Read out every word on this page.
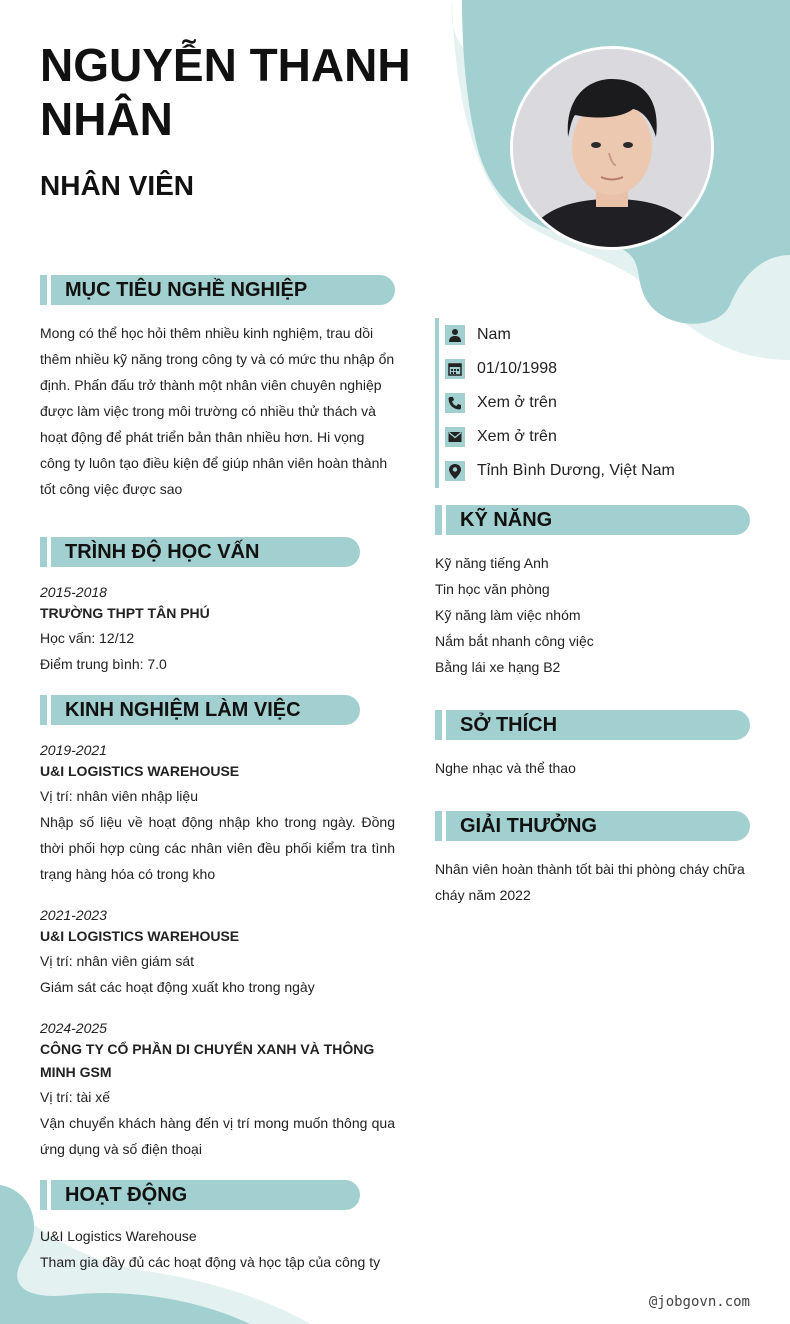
NGUYỄN THANH
NHÂN
NHÂN VIÊN
MỤC TIÊU NGHỀ NGHIỆP
Mong có thể học hỏi thêm nhiều kinh nghiệm, trau dồi thêm nhiều kỹ năng trong công ty và có mức thu nhập ổn định. Phấn đấu trở thành một nhân viên chuyên nghiệp được làm việc trong môi trường có nhiều thử thách và hoạt động để phát triển bản thân nhiều hơn. Hi vọng công ty luôn tạo điều kiện để giúp nhân viên hoàn thành tốt công việc được sao
TRÌNH ĐỘ HỌC VẤN
2015-2018
TRƯỜNG THPT TÂN PHÚ
Học vấn: 12/12
Điểm trung bình: 7.0
KINH NGHIỆM LÀM VIỆC
2019-2021
U&I LOGISTICS WAREHOUSE
Vị trí: nhân viên nhập liệu
Nhập số liệu về hoạt động nhập kho trong ngày. Đồng thời phối hợp cùng các nhân viên đều phối kiểm tra tình trạng hàng hóa có trong kho
2021-2023
U&I LOGISTICS WAREHOUSE
Vị trí: nhân viên giám sát
Giám sát các hoạt động xuất kho trong ngày
2024-2025
CÔNG TY CỔ PHẦN DI CHUYỂN XANH VÀ THÔNG MINH GSM
Vị trí: tài xế
Vận chuyển khách hàng đến vị trí mong muốn thông qua ứng dụng và số điện thoại
HOẠT ĐỘNG
U&I Logistics Warehouse
Tham gia đầy đủ các hoạt động và học tập của công ty
Nam
01/10/1998
Xem ở trên
Xem ở trên
Tỉnh Bình Dương, Việt Nam
KỸ NĂNG
Kỹ năng tiếng Anh
Tin học văn phòng
Kỹ năng làm việc nhóm
Nắm bắt nhanh công việc
Bằng lái xe hạng B2
SỞ THÍCH
Nghe nhạc và thể thao
GIẢI THƯỞNG
Nhân viên hoàn thành tốt bài thi phòng cháy chữa cháy năm 2022
@jobgovn.com
